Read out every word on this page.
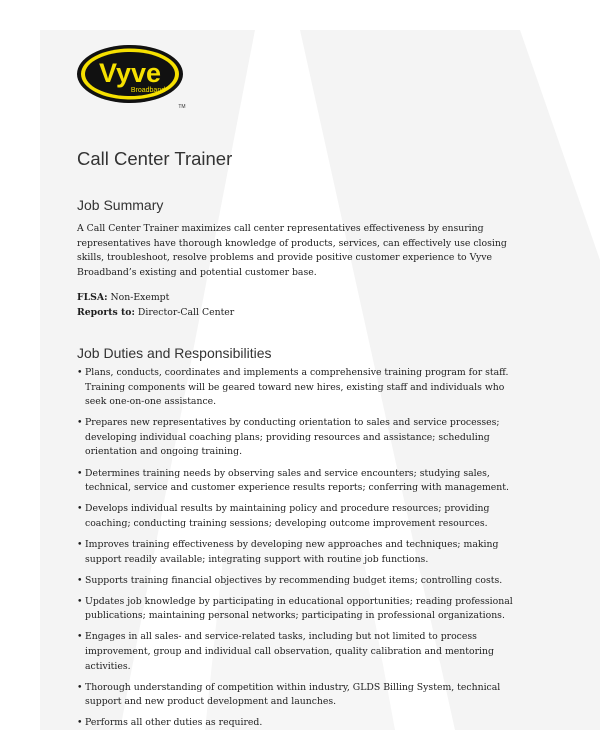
Vyve
Broadband
TM
Call Center Trainer
Job Summary

A Call Center Trainer maximizes call center representatives effectiveness by ensuring representatives have thorough knowledge of products, services, can effectively use closing skills, troubleshoot, resolve problems and provide positive customer experience to Vyve Broadband’s existing and potential customer base.

FLSA: Non-Exempt
Reports to: Director-Call Center
Job Duties and Responsibilities
• Plans, conducts, coordinates and implements a comprehensive training program for staff. Training components will be geared toward new hires, existing staff and individuals who seek one-on-one assistance.
• Prepares new representatives by conducting orientation to sales and service processes; developing individual coaching plans; providing resources and assistance; scheduling orientation and ongoing training.
• Determines training needs by observing sales and service encounters; studying sales, technical, service and customer experience results reports; conferring with management.
• Develops individual results by maintaining policy and procedure resources; providing coaching; conducting training sessions; developing outcome improvement resources.
• Improves training effectiveness by developing new approaches and techniques; making support readily available; integrating support with routine job functions.
• Supports training financial objectives by recommending budget items; controlling costs.
• Updates job knowledge by participating in educational opportunities; reading professional publications; maintaining personal networks; participating in professional organizations.
• Engages in all sales- and service-related tasks, including but not limited to process improvement, group and individual call observation, quality calibration and mentoring activities.
• Thorough understanding of competition within industry, GLDS Billing System, technical support and new product development and launches.
• Performs all other duties as required.
